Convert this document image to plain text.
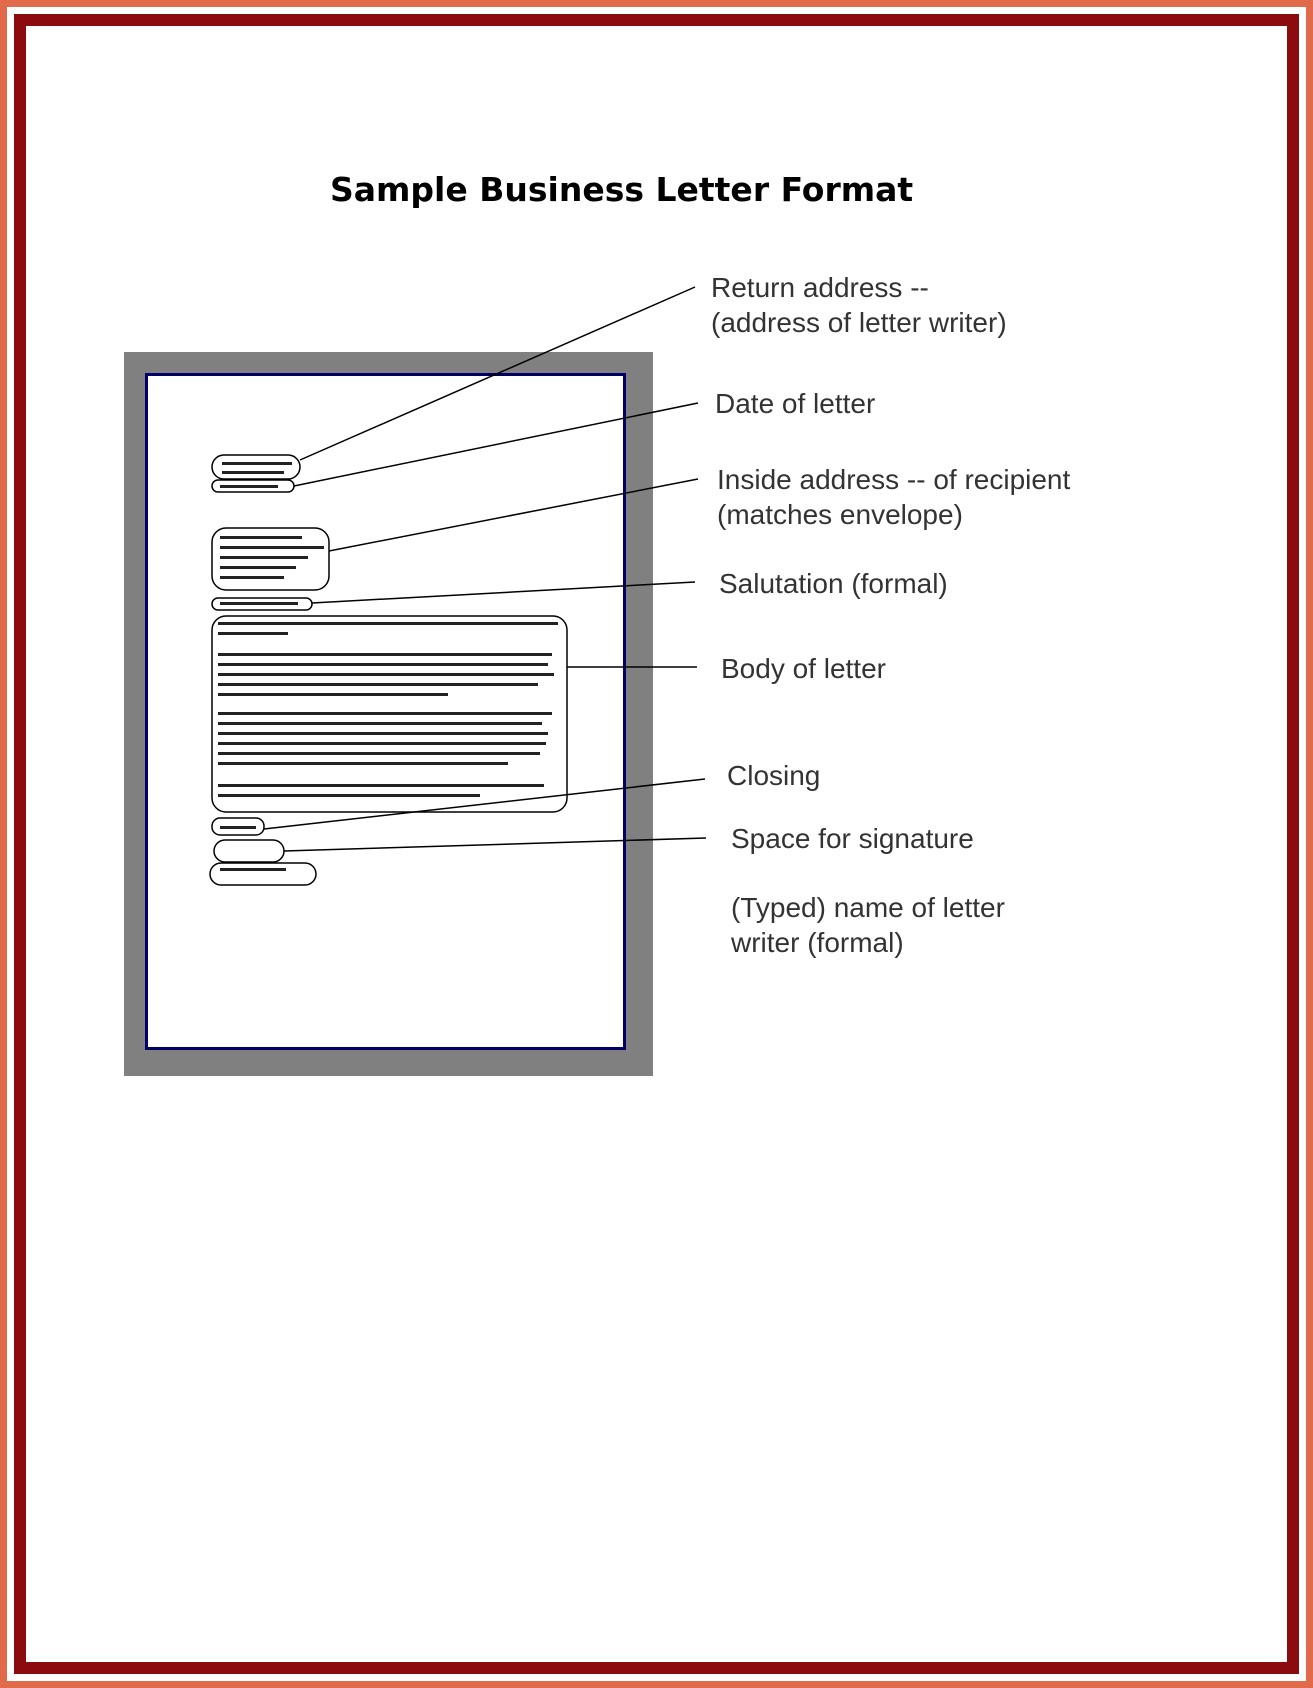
Sample Business Letter Format
Return address --
(address of letter writer)
Date of letter
Inside address -- of recipient
(matches envelope)
Salutation (formal)
Body of letter
Closing
Space for signature
(Typed) name of letter
writer (formal)
